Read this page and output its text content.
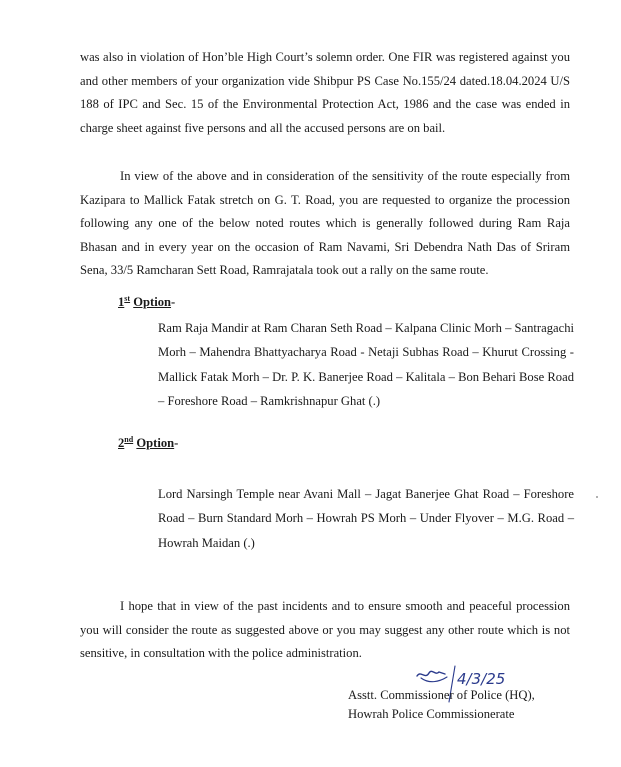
was also in violation of Hon’ble High Court’s solemn order. One FIR was registered against you and other members of your organization vide Shibpur PS Case No.155/24 dated.18.04.2024 U/S 188 of IPC and Sec. 15 of the Environmental Protection Act, 1986 and the case was ended in charge sheet against five persons and all the accused persons are on bail.

In view of the above and in consideration of the sensitivity of the route especially from Kazipara to Mallick Fatak stretch on G. T. Road, you are requested to organize the procession following any one of the below noted routes which is generally followed during Ram Raja Bhasan and in every year on the occasion of Ram Navami, Sri Debendra Nath Das of Sriram Sena, 33/5 Ramcharan Sett Road, Ramrajatala took out a rally on the same route.

1st Option-

Ram Raja Mandir at Ram Charan Seth Road – Kalpana Clinic Morh – Santragachi Morh – Mahendra Bhattyacharya Road - Netaji Subhas Road – Khurut Crossing - Mallick Fatak Morh – Dr. P. K. Banerjee Road – Kalitala – Bon Behari Bose Road – Foreshore Road – Ramkrishnapur Ghat (.)

2nd Option-

Lord Narsingh Temple near Avani Mall – Jagat Banerjee Ghat Road – Foreshore Road – Burn Standard Morh – Howrah PS Morh – Under Flyover – M.G. Road – Howrah Maidan (.)

I hope that in view of the past incidents and to ensure smooth and peaceful procession you will consider the route as suggested above or you may suggest any other route which is not sensitive, in consultation with the police administration.

4/3/25

Asstt. Commissioner of Police (HQ),

Howrah Police Commissionerate
